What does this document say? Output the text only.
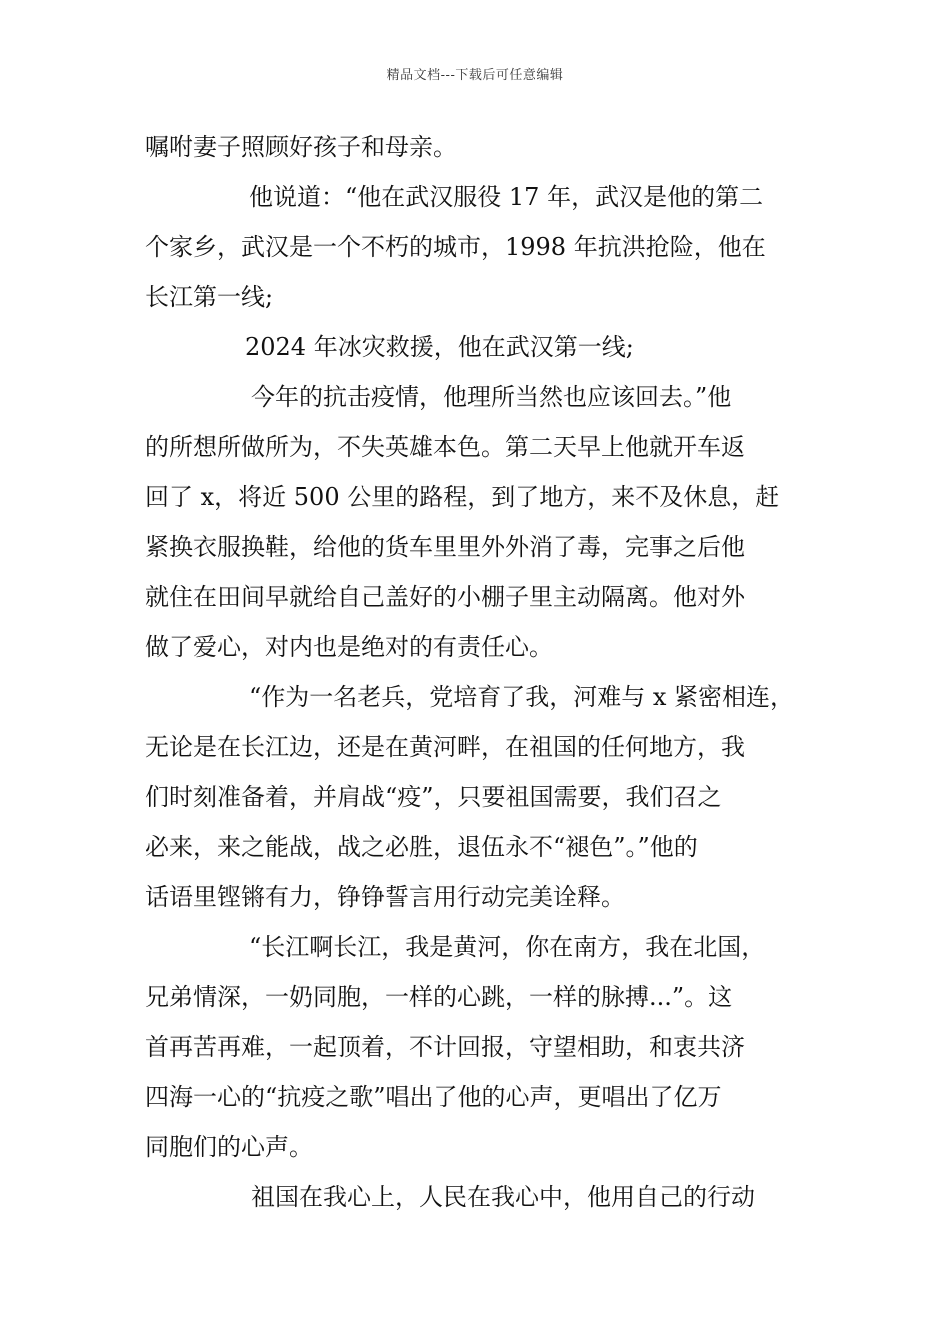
精品文档---下载后可任意编辑
嘱咐妻子照顾好孩子和母亲。
他说道：“他在武汉服役 17 年，武汉是他的第二
个家乡，武汉是一个不朽的城市，1998 年抗洪抢险，他在
长江第一线;
2024 年冰灾救援，他在武汉第一线;
今年的抗击疫情，他理所当然也应该回去。”他
的所想所做所为，不失英雄本色。第二天早上他就开车返
回了 x，将近 500 公里的路程，到了地方，来不及休息，赶
紧换衣服换鞋，给他的货车里里外外消了毒，完事之后他
就住在田间早就给自己盖好的小棚子里主动隔离。他对外
做了爱心，对内也是绝对的有责任心。
“作为一名老兵，党培育了我，河难与 x 紧密相连，
无论是在长江边，还是在黄河畔，在祖国的任何地方，我
们时刻准备着，并肩战“疫”，只要祖国需要，我们召之
必来，来之能战，战之必胜，退伍永不“褪色”。”他的
话语里铿锵有力，铮铮誓言用行动完美诠释。
“长江啊长江，我是黄河，你在南方，我在北国，
兄弟情深，一奶同胞，一样的心跳，一样的脉搏...”。这
首再苦再难，一起顶着，不计回报，守望相助，和衷共济
四海一心的“抗疫之歌”唱出了他的心声，更唱出了亿万
同胞们的心声。
祖国在我心上，人民在我心中，他用自己的行动
